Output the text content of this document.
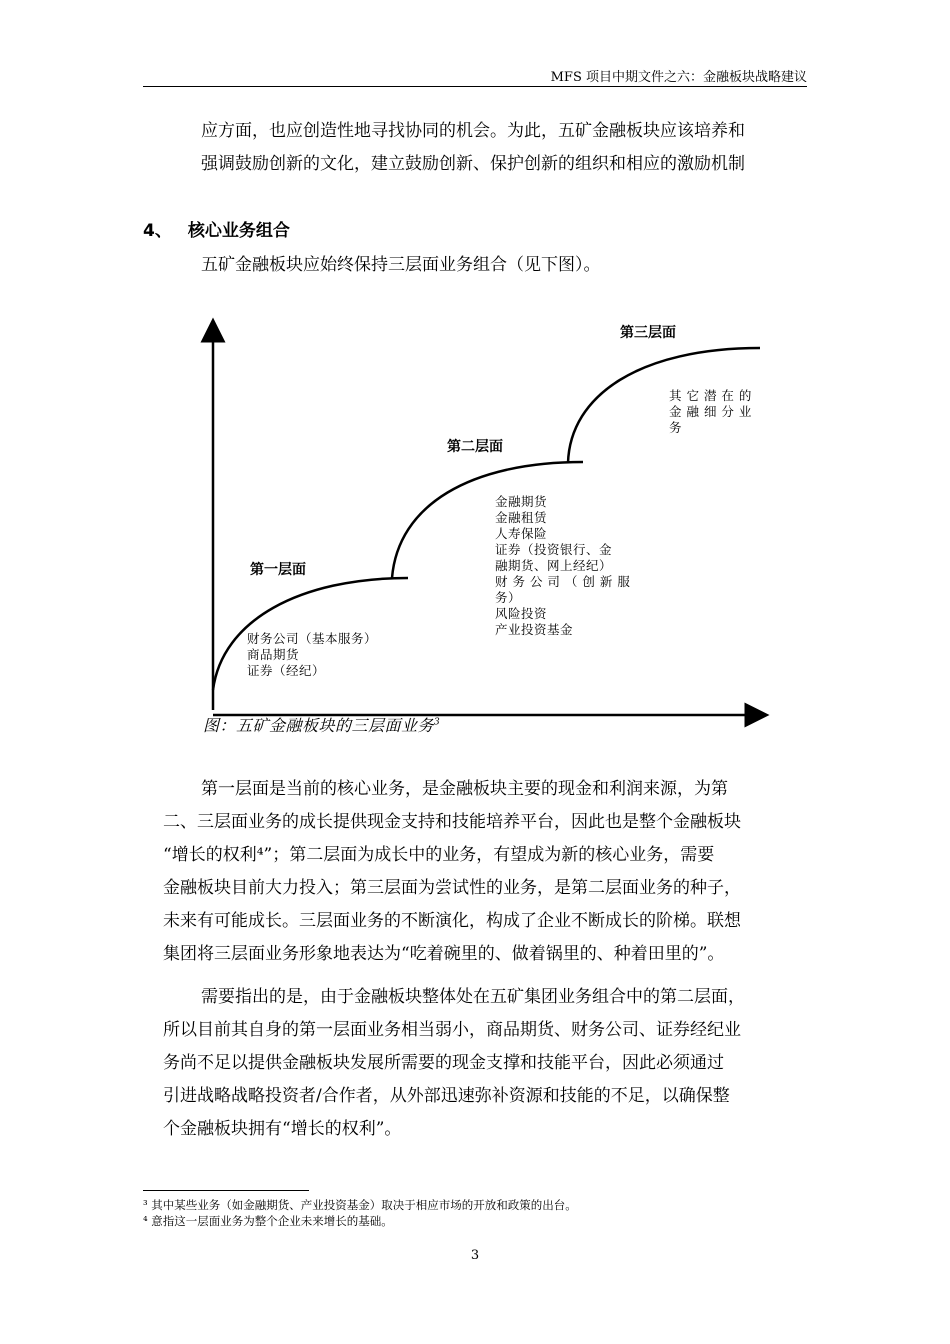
MFS 项目中期文件之六：金融板块战略建议
应方面，也应创造性地寻找协同的机会。为此，五矿金融板块应该培养和
强调鼓励创新的文化，建立鼓励创新、保护创新的组织和相应的激励机制
4、 核心业务组合
五矿金融板块应始终保持三层面业务组合（见下图）。
第一层面
第二层面
第三层面
财务公司（基本服务）
商品期货
证券（经纪）
金融期货
金融租赁
人寿保险
证券（投资银行、金
融期货、网上经纪）
财 务 公 司 （ 创 新 服
务）
风险投资
产业投资基金
其 它 潜 在 的
金 融 细 分 业
务
图：五矿金融板块的三层面业务$^3$
第一层面是当前的核心业务，是金融板块主要的现金和利润来源，为第
二、三层面业务的成长提供现金支持和技能培养平台，因此也是整个金融板块
“增长的权利⁴”；第二层面为成长中的业务，有望成为新的核心业务，需要
金融板块目前大力投入；第三层面为尝试性的业务，是第二层面业务的种子，
未来有可能成长。三层面业务的不断演化，构成了企业不断成长的阶梯。联想
集团将三层面业务形象地表达为“吃着碗里的、做着锅里的、种着田里的”。
需要指出的是，由于金融板块整体处在五矿集团业务组合中的第二层面，
所以目前其自身的第一层面业务相当弱小，商品期货、财务公司、证券经纪业
务尚不足以提供金融板块发展所需要的现金支撑和技能平台，因此必须通过
引进战略战略投资者/合作者，从外部迅速弥补资源和技能的不足，以确保整
个金融板块拥有“增长的权利”。
³ 其中某些业务（如金融期货、产业投资基金）取决于相应市场的开放和政策的出台。
⁴ 意指这一层面业务为整个企业未来增长的基础。
3
